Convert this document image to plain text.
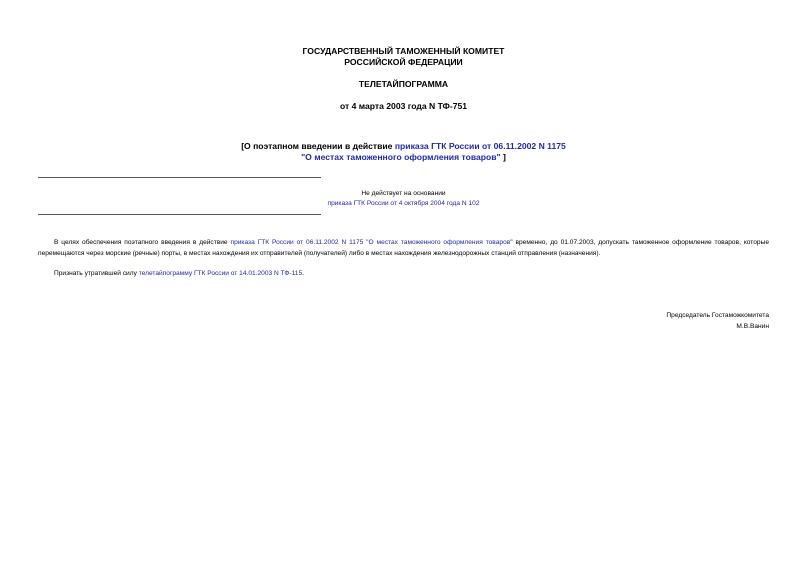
ГОСУДАРСТВЕННЫЙ ТАМОЖЕННЫЙ КОМИТЕТ
РОССИЙСКОЙ ФЕДЕРАЦИИ
ТЕЛЕТАЙПОГРАММА
от 4 марта 2003 года N ТФ-751
[О поэтапном введении в действие приказа ГТК России от 06.11.2002 N 1175
"О местах таможенного оформления товаров" ]
Не действует на основании
приказа ГТК России от 4 октября 2004 года N 102

В целях обеспечения поэтапного введения в действие приказа ГТК России от 06.11.2002 N 1175 "О местах таможенного оформления товаров" временно, до 01.07.2003, допускать таможенное оформление товаров, которые перемещаются через морские (речные) порты, в местах нахождения их отправителей (получателей) либо в местах нахождения железнодорожных станций отправления (назначения).

Признать утратившей силу телетайпограмму ГТК России от 14.01.2003 N ТФ-115.

Председатель Гостаможкомитета
М.В.Ванин
